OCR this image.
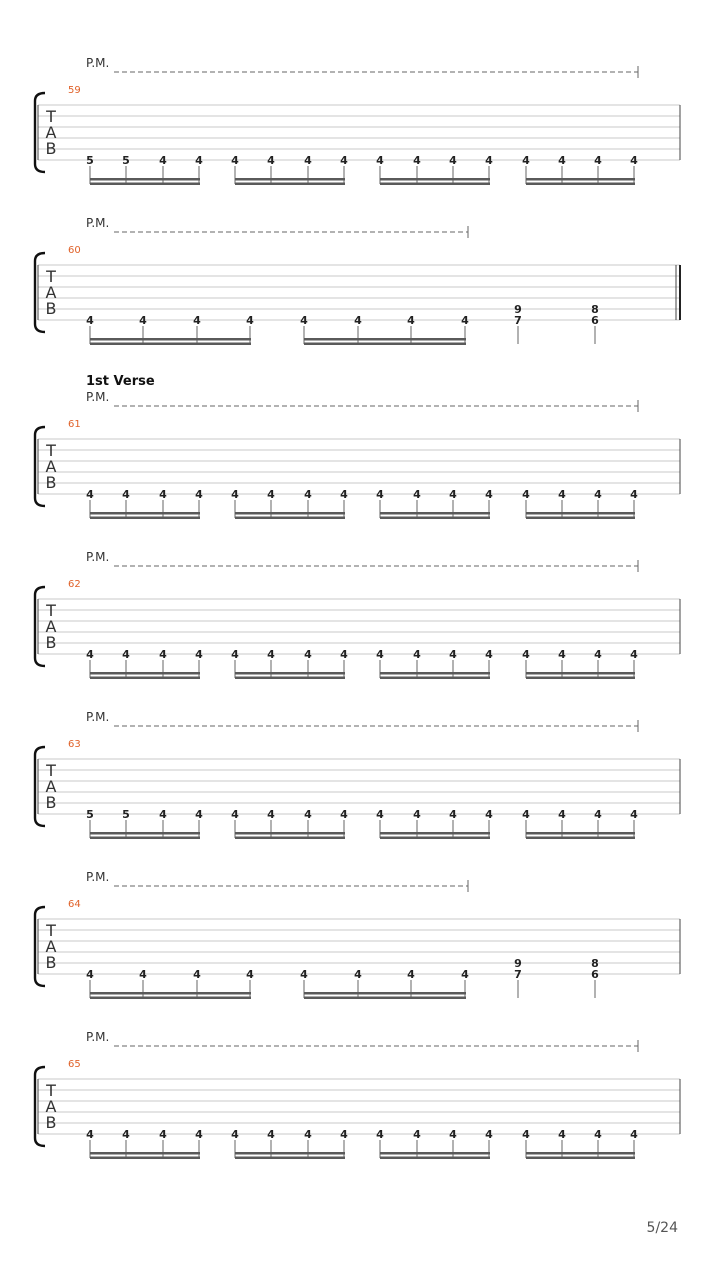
P.M.
59
T
A
B
5	5	4	4	4	4	4	4	4	4	4	4	4	4	4	4
P.M.
60
T
A
B
4	4	4	4	4	4	4	4
9
7
8
6
1st Verse
P.M.
61
T
A
B
4	4	4	4	4	4	4	4	4	4	4	4	4	4	4	4
P.M.
62
T
A
B
4	4	4	4	4	4	4	4	4	4	4	4	4	4	4	4
P.M.
63
T
A
B
5	5	4	4	4	4	4	4	4	4	4	4	4	4	4	4
P.M.
64
T
A
B
4	4	4	4	4	4	4	4
9
7
8
6
P.M.
65
T
A
B
4	4	4	4	4	4	4	4	4	4	4	4	4	4	4	4
5/24
